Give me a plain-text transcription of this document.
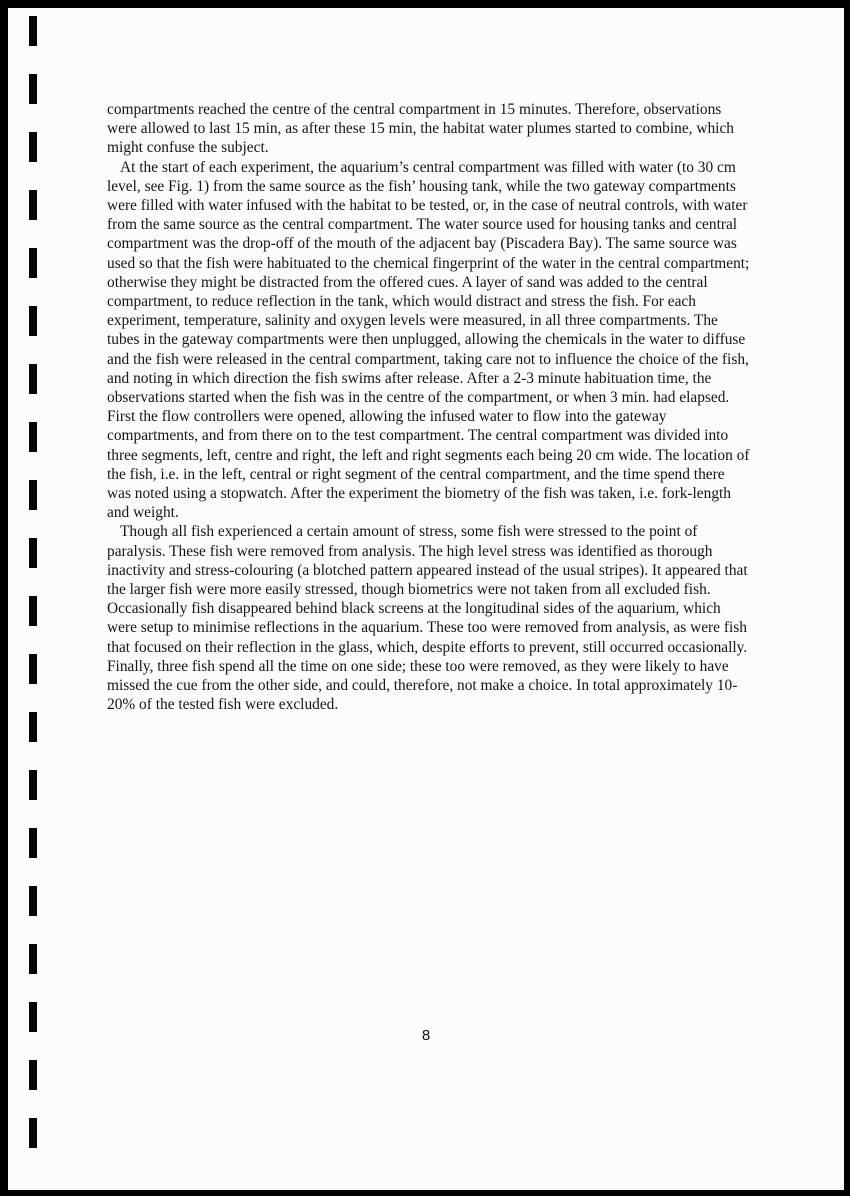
compartments reached the centre of the central compartment in 15 minutes. Therefore, observations were allowed to last 15 min, as after these 15 min, the habitat water plumes started to combine, which might confuse the subject.

At the start of each experiment, the aquarium’s central compartment was filled with water (to 30 cm level, see Fig. 1) from the same source as the fish’ housing tank, while the two gateway compartments were filled with water infused with the habitat to be tested, or, in the case of neutral controls, with water from the same source as the central compartment. The water source used for housing tanks and central compartment was the drop-off of the mouth of the adjacent bay (Piscadera Bay). The same source was used so that the fish were habituated to the chemical fingerprint of the water in the central compartment; otherwise they might be distracted from the offered cues. A layer of sand was added to the central compartment, to reduce reflection in the tank, which would distract and stress the fish. For each experiment, temperature, salinity and oxygen levels were measured, in all three compartments. The tubes in the gateway compartments were then unplugged, allowing the chemicals in the water to diffuse and the fish were released in the central compartment, taking care not to influence the choice of the fish, and noting in which direction the fish swims after release. After a 2-3 minute habituation time, the observations started when the fish was in the centre of the compartment, or when 3 min. had elapsed. First the flow controllers were opened, allowing the infused water to flow into the gateway compartments, and from there on to the test compartment. The central compartment was divided into three segments, left, centre and right, the left and right segments each being 20 cm wide. The location of the fish, i.e. in the left, central or right segment of the central compartment, and the time spend there was noted using a stopwatch. After the experiment the biometry of the fish was taken, i.e. fork-length and weight.

Though all fish experienced a certain amount of stress, some fish were stressed to the point of paralysis. These fish were removed from analysis. The high level stress was identified as thorough inactivity and stress-colouring (a blotched pattern appeared instead of the usual stripes). It appeared that the larger fish were more easily stressed, though biometrics were not taken from all excluded fish. Occasionally fish disappeared behind black screens at the longitudinal sides of the aquarium, which were setup to minimise reflections in the aquarium. These too were removed from analysis, as were fish that focused on their reflection in the glass, which, despite efforts to prevent, still occurred occasionally. Finally, three fish spend all the time on one side; these too were removed, as they were likely to have missed the cue from the other side, and could, therefore, not make a choice. In total approximately 10-20% of the tested fish were excluded.

8
